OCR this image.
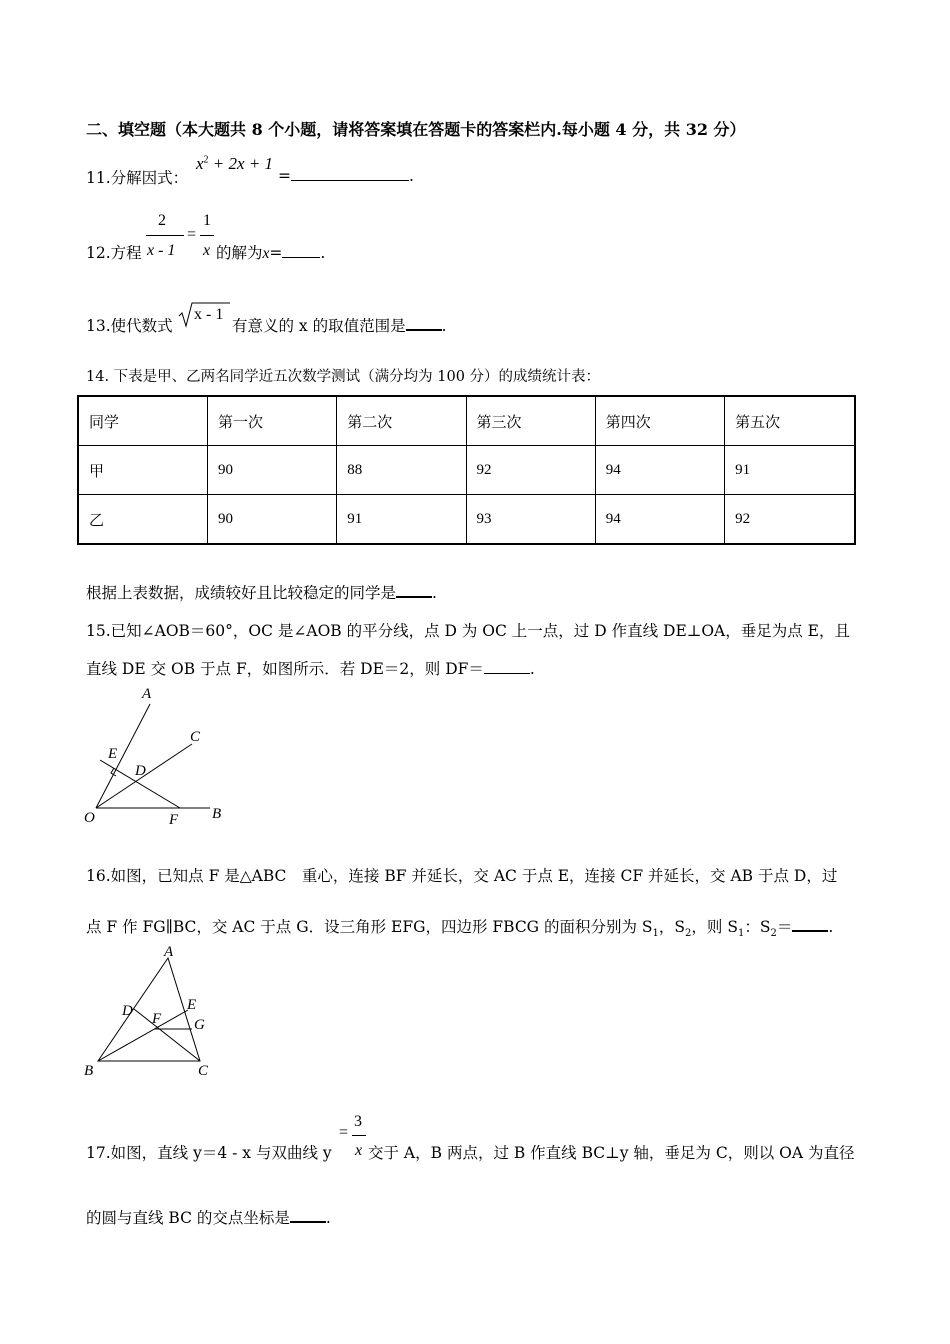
二、填空题（本大题共 8 个小题，请将答案填在答题卡的答案栏内.每小题 4 分，共 32 分）
11.分解因式：
$x^2 + 2x + 1$
=	.
12.方程
2
x - 1
=
1
x 的解为x= .
13.使代数式
x - 1
有意义的 x 的取值范围是 .
14. 下表是甲、乙两名同学近五次数学测试（满分均为 100 分）的成绩统计表：
同学	第一次	第二次	第三次	第四次	第五次
甲	90	88	92	94	91
乙	90	91	93	94	92
根据上表数据，成绩较好且比较稳定的同学是 .
15.已知∠AOB＝60°，OC 是∠AOB 的平分线，点 D 为 OC 上一点，过 D 作直线 DE⊥OA，垂足为点 E，且
直线 DE 交 OB 于点 F，如图所示．若 DE＝2，则 DF＝	.
A
C
E
D
O	F B
16.如图，已知点 F 是△ABC　重心，连接 BF 并延长，交 AC 于点 E，连接 CF 并延长，交 AB 于点 D，过
点 F 作 FG∥BC，交 AC 于点 G．设三角形 EFG，四边形 FBCG 的面积分别为 $S_1$，$S_2$，则 $S_1$：$S_2=$ .
A
D	E
F G
B	C
17.如图，直线 y＝4 - x 与双曲线 y
=
3
x 交于 A，B 两点，过 B 作直线 BC⊥y 轴，垂足为 C，则以 OA 为直径
的圆与直线 BC 的交点坐标是 .
